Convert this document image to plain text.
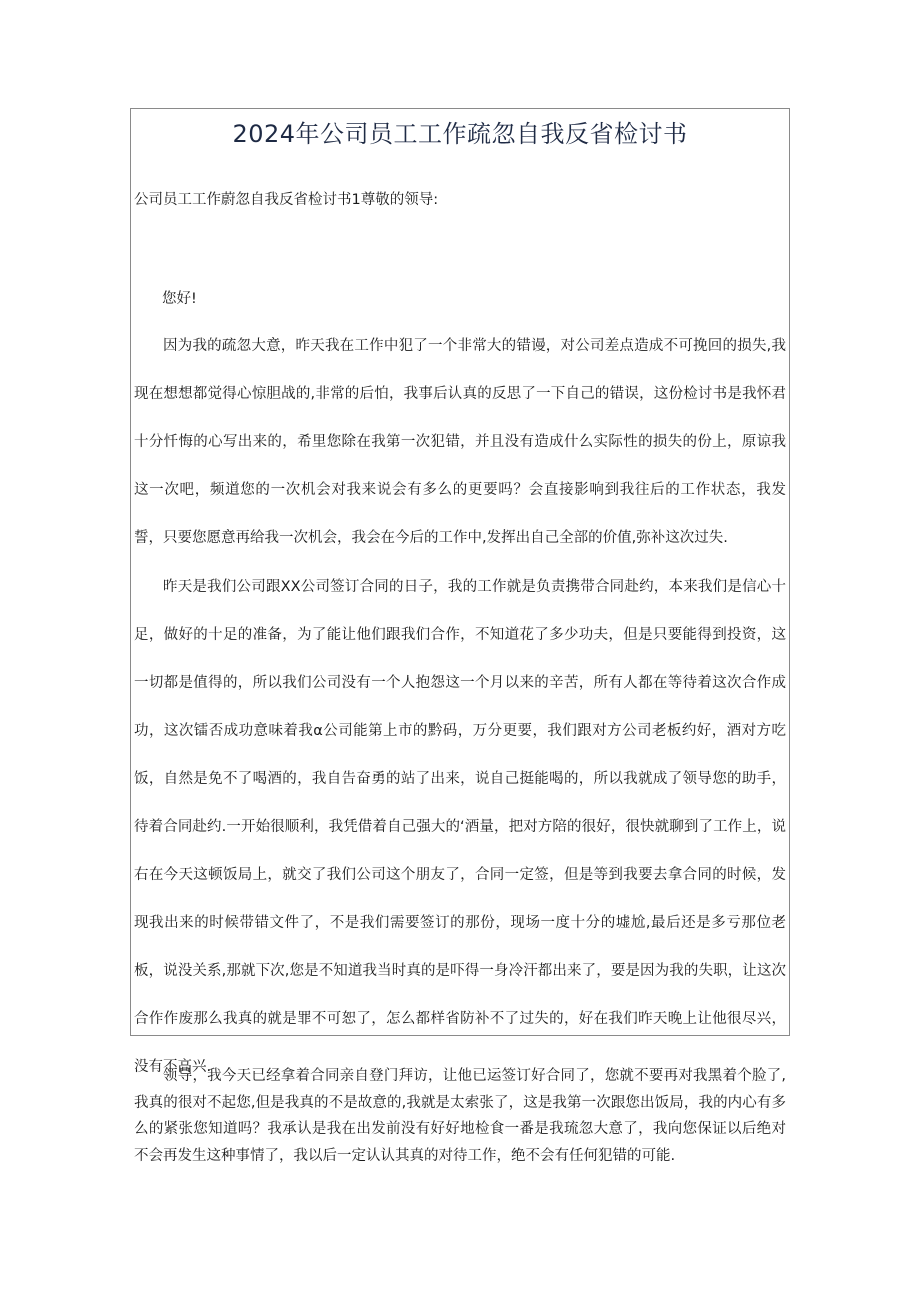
2024年公司员工工作疏忽自我反省检讨书
公司员工工作蔚忽自我反省检讨书1尊敬的领导:
您好!

因为我的疏忽大意，昨天我在工作中犯了一个非常大的错谩，对公司差点造成不可挽回的损失,我现在想想都觉得心惊胆战的,非常的后怕，我事后认真的反思了一下自己的错误，这份检讨书是我怀君十分忏悔的心写出来的，希里您除在我第一次犯错，并且没有造成什么实际性的损失的份上，原谅我这一次吧，频道您的一次机会对我来说会有多么的更要吗？会直接影响到我往后的工作状态，我发誓，只要您愿意再给我一次机会，我会在今后的工作中,发挥出自己全部的价值,弥补这次过失.

昨天是我们公司跟XX公司签订合同的日子，我的工作就是负责携带合同赴约，本来我们是信心十足，做好的十足的准备，为了能让他们跟我们合作，不知道花了多少功夫，但是只要能得到投资，这一切都是值得的，所以我们公司没有一个人抱怨这一个月以来的辛苦，所有人都在等待着这次合作成功，这次镭否成功意味着我α公司能第上市的黔码，万分更要，我们跟对方公司老板约好，酒对方吃饭，自然是免不了喝酒的，我自告奋勇的站了出来，说自己挺能喝的，所以我就成了领导您的助手，待着合同赴约.一开始很顺利，我凭借着自己强大的‘酒量，把对方陪的很好，很快就聊到了工作上，说右在今天这顿饭局上，就交了我们公司这个朋友了，合同一定签，但是等到我要去拿合同的时候，发现我出来的时候带错文件了，不是我们需要签订的那份，现场一度十分的墟尬,最后还是多亏那位老板，说没关系,那就下次,您是不知道我当时真的是吓得一身冷汗都出来了，要是因为我的失职，让这次合作作废那么我真的就是罪不可恕了，怎么都样省防补不了过失的，好在我们昨天晚上让他很尽兴，没有不高兴.

领导，我今天已经拿着合同亲自登门拜访，让他已运签订好合同了，您就不要再对我黑着个脸了,我真的很对不起您,但是我真的不是故意的,我就是太索张了，这是我第一次跟您出饭局，我的内心有多么的紧张您知道吗？我承认是我在出发前没有好好地检食一番是我琉忽大意了，我向您保证以后绝对不会再发生这种事情了，我以后一定认认其真的对待工作，绝不会有任何犯错的可能.
